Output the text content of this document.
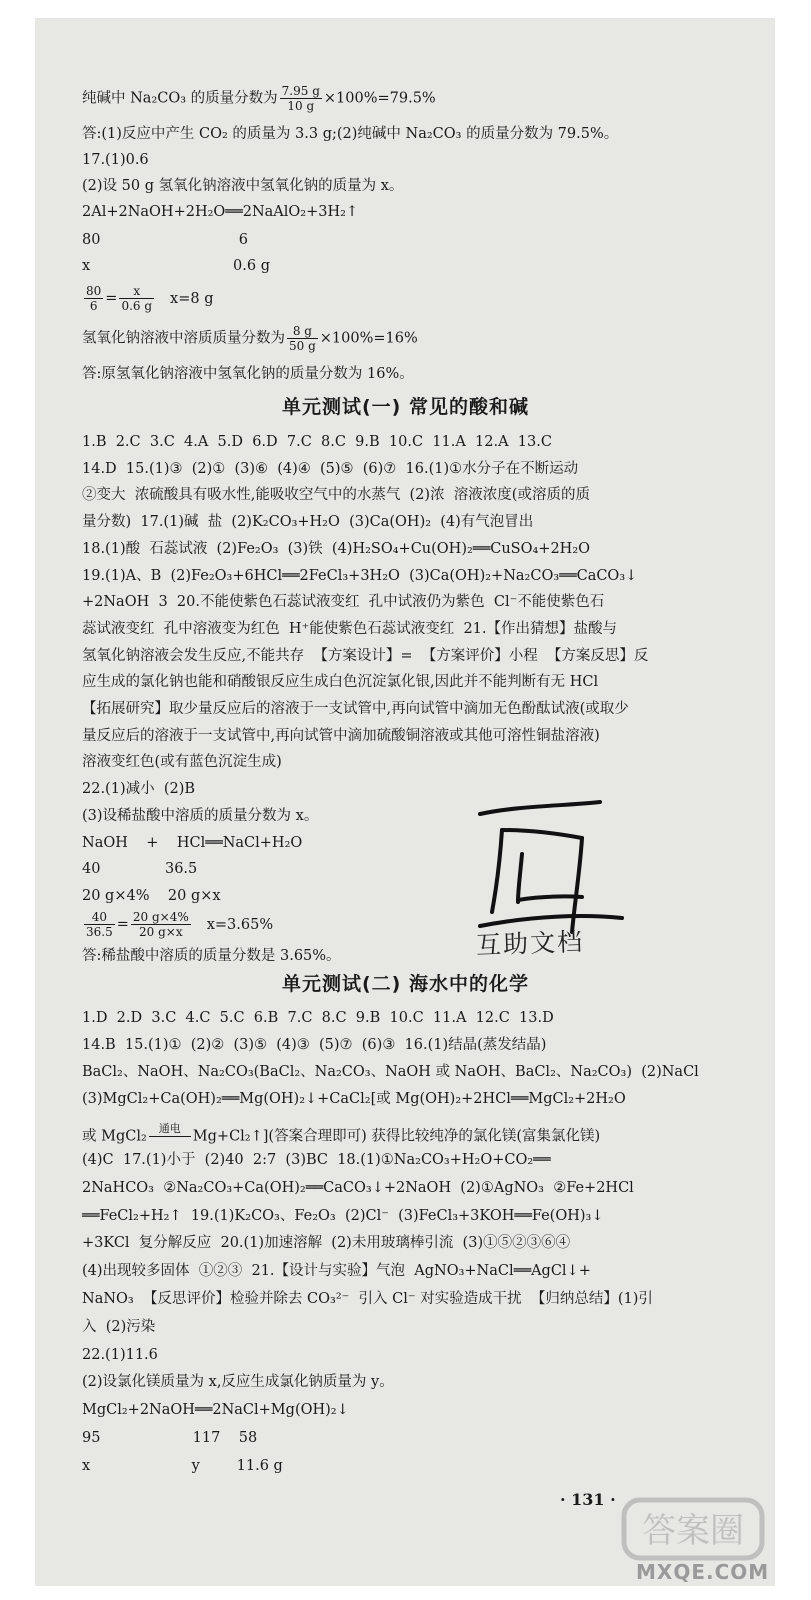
纯碱中 Na₂CO₃ 的质量分数为 $\frac{7.95 g}{10 g} \times 100\%=79.5\%$
答:(1)反应中产生 CO₂ 的质量为 3.3 g;(2)纯碱中 Na₂CO₃ 的质量分数为 79.5%。
17.(1)0.6
(2)设 50 g 氢氧化钠溶液中氢氧化钠的质量为 x。
2Al+2NaOH+2H₂O══2NaAlO₂+3H₂↑
80                              6
x                               0.6 g
$\frac{80}{6} = \frac{x}{0.6 g} x=8$ g
氢氧化钠溶液中溶质质量分数为 $\frac{8 g}{50 g} \times 100\%=16\%$
答:原氢氧化钠溶液中氢氧化钠的质量分数为 16%。
单元测试(一) 常见的酸和碱
1.B  2.C  3.C  4.A  5.D  6.D  7.C  8.C  9.B  10.C  11.A  12.A  13.C
14.D  15.(1)③  (2)①  (3)⑥  (4)④  (5)⑤  (6)⑦  16.(1)①水分子在不断运动
②变大  浓硫酸具有吸水性,能吸收空气中的水蒸气  (2)浓  溶液浓度(或溶质的质
量分数)  17.(1)碱  盐  (2)K₂CO₃+H₂O  (3)Ca(OH)₂  (4)有气泡冒出
18.(1)酸  石蕊试液  (2)Fe₂O₃  (3)铁  (4)H₂SO₄+Cu(OH)₂══CuSO₄+2H₂O
19.(1)A、B  (2)Fe₂O₃+6HCl══2FeCl₃+3H₂O  (3)Ca(OH)₂+Na₂CO₃══CaCO₃↓
+2NaOH  3  20.不能使紫色石蕊试液变红  孔中试液仍为紫色  Cl⁻不能使紫色石
蕊试液变红  孔中溶液变为红色  H⁺能使紫色石蕊试液变红  21.【作出猜想】盐酸与
氢氧化钠溶液会发生反应,不能共存  【方案设计】=  【方案评价】小程  【方案反思】反
应生成的氯化钠也能和硝酸银反应生成白色沉淀氯化银,因此并不能判断有无 HCl
【拓展研究】取少量反应后的溶液于一支试管中,再向试管中滴加无色酚酞试液(或取少
量反应后的溶液于一支试管中,再向试管中滴加硫酸铜溶液或其他可溶性铜盐溶液)
溶液变红色(或有蓝色沉淀生成)
22.(1)减小  (2)B
(3)设稀盐酸中溶质的质量分数为 x。
NaOH    +    HCl══NaCl+H₂O
40              36.5
20 g×4%    20 g×x
$\frac{40}{36.5} = \frac{20 g\times 4\%}{20 g\times x} x=3.65\%$
答:稀盐酸中溶质的质量分数是 3.65%。
单元测试(二) 海水中的化学
1.D  2.D  3.C  4.C  5.C  6.B  7.C  8.C  9.B  10.C  11.A  12.C  13.D
14.B  15.(1)①  (2)②  (3)⑤  (4)③  (5)⑦  (6)③  16.(1)结晶(蒸发结晶)
BaCl₂、NaOH、Na₂CO₃(BaCl₂、Na₂CO₃、NaOH 或 NaOH、BaCl₂、Na₂CO₃)  (2)NaCl
(3)MgCl₂+Ca(OH)₂══Mg(OH)₂↓+CaCl₂[或 Mg(OH)₂+2HCl══MgCl₂+2H₂O
或 MgCl₂	通电
Mg+Cl₂↑](答案合理即可) 获得比较纯净的氯化镁(富集氯化镁)
(4)C  17.(1)小于  (2)40  2:7  (3)BC  18.(1)①Na₂CO₃+H₂O+CO₂══
2NaHCO₃  ②Na₂CO₃+Ca(OH)₂══CaCO₃↓+2NaOH  (2)①AgNO₃  ②Fe+2HCl
══FeCl₂+H₂↑  19.(1)K₂CO₃、Fe₂O₃  (2)Cl⁻  (3)FeCl₃+3KOH══Fe(OH)₃↓
+3KCl  复分解反应  20.(1)加速溶解  (2)未用玻璃棒引流  (3)①⑤②③⑥④
(4)出现较多固体  ①②③  21.【设计与实验】气泡  AgNO₃+NaCl══AgCl↓+
NaNO₃  【反思评价】检验并除去 CO₃²⁻  引入 Cl⁻ 对实验造成干扰  【归纳总结】(1)引
入  (2)污染
22.(1)11.6
(2)设氯化镁质量为 x,反应生成氯化钠质量为 y。
MgCl₂+2NaOH══2NaCl+Mg(OH)₂↓
95                    117    58
x                      y        11.6 g
互助文档
· 131 ·
答案圈
MXQE.COM
